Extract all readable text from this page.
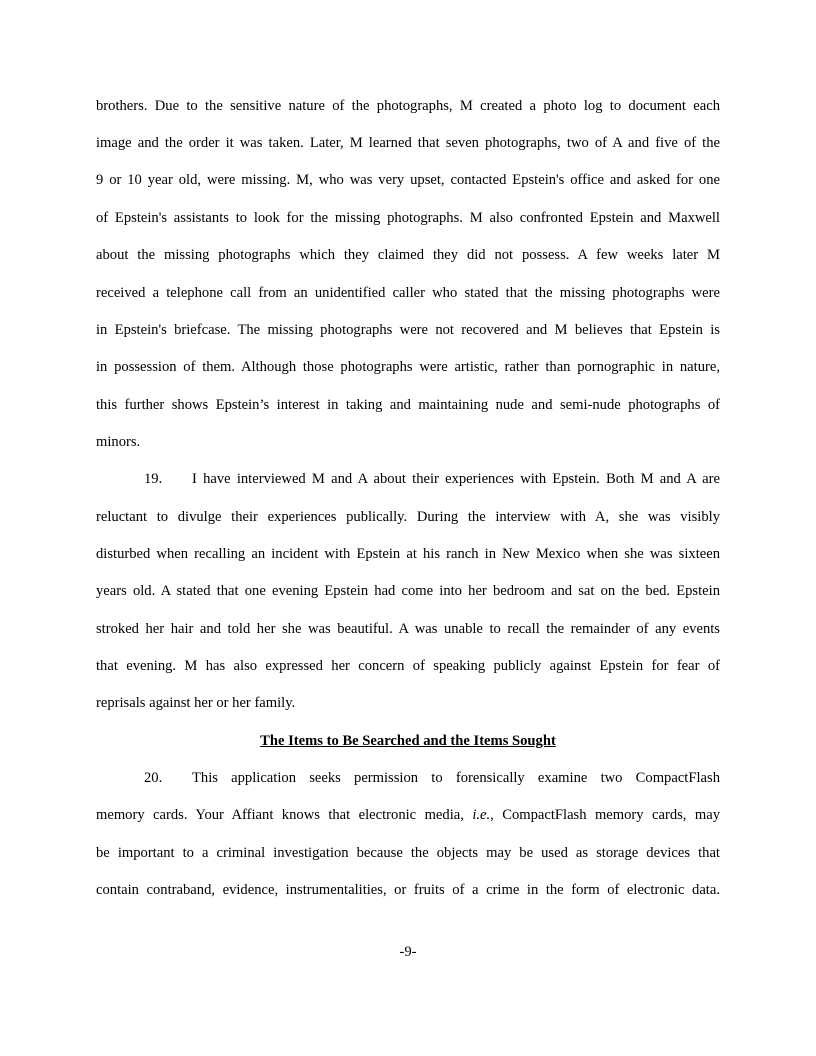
brothers. Due to the sensitive nature of the photographs, M created a photo log to document each
image and the order it was taken. Later, M learned that seven photographs, two of A and five of the
9 or 10 year old, were missing. M, who was very upset, contacted Epstein's office and asked for one
of Epstein's assistants to look for the missing photographs. M also confronted Epstein and Maxwell
about the missing photographs which they claimed they did not possess. A few weeks later M
received a telephone call from an unidentified caller who stated that the missing photographs were
in Epstein's briefcase. The missing photographs were not recovered and M believes that Epstein is
in possession of them. Although those photographs were artistic, rather than pornographic in nature,
this further shows Epstein’s interest in taking and maintaining nude and semi-nude photographs of
minors.
19. I have interviewed M and A about their experiences with Epstein. Both M and A are
reluctant to divulge their experiences publically. During the interview with A, she was visibly
disturbed when recalling an incident with Epstein at his ranch in New Mexico when she was sixteen
years old. A stated that one evening Epstein had come into her bedroom and sat on the bed. Epstein
stroked her hair and told her she was beautiful. A was unable to recall the remainder of any events
that evening. M has also expressed her concern of speaking publicly against Epstein for fear of
reprisals against her or her family.
The Items to Be Searched and the Items Sought
20. This application seeks permission to forensically examine two CompactFlash
memory cards. Your Affiant knows that electronic media, i.e., CompactFlash memory cards, may
be important to a criminal investigation because the objects may be used as storage devices that
contain contraband, evidence, instrumentalities, or fruits of a crime in the form of electronic data.
-9-
